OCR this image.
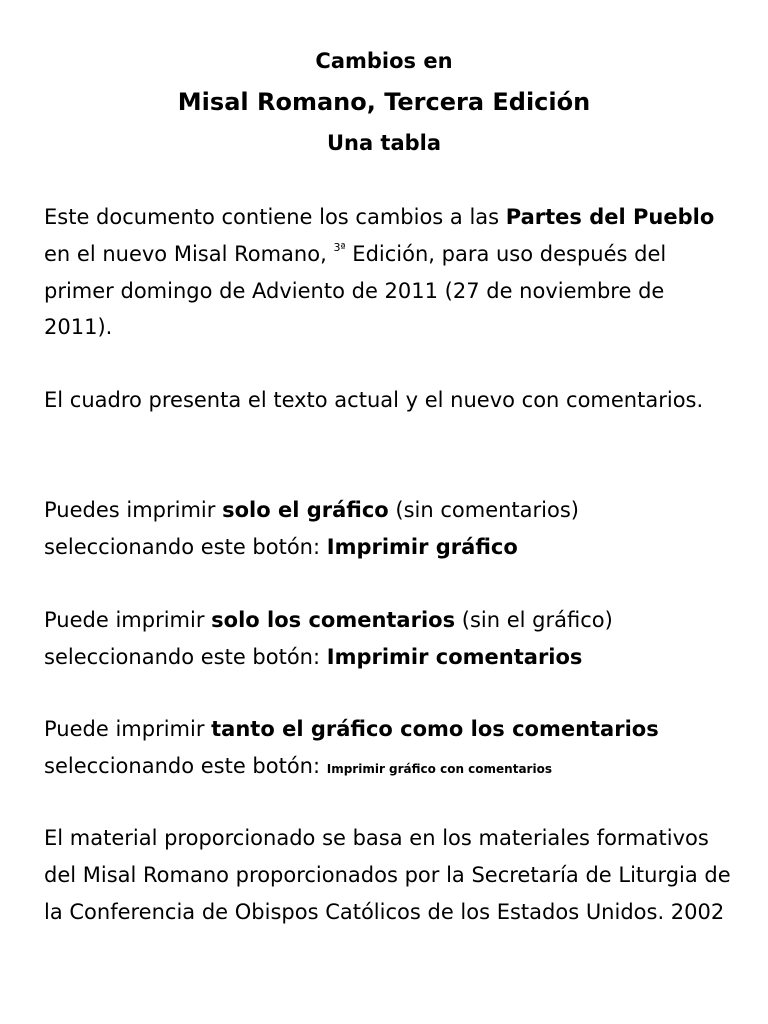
Cambios en

Misal Romano, Tercera Edición

Una tabla

Este documento contiene los cambios a las Partes del Pueblo en el nuevo Misal Romano, $^{3ª}$ Edición, para uso después del primer domingo de Adviento de 2011 (27 de noviembre de 2011).

El cuadro presenta el texto actual y el nuevo con comentarios.

Puedes imprimir solo el gráfico (sin comentarios) seleccionando este botón: Imprimir gráfico

Puede imprimir solo los comentarios (sin el gráfico) seleccionando este botón: Imprimir comentarios

Puede imprimir tanto el gráfico como los comentarios seleccionando este botón: Imprimir gráfico con comentarios

El material proporcionado se basa en los materiales formativos del Misal Romano proporcionados por la Secretaría de Liturgia de la Conferencia de Obispos Católicos de los Estados Unidos. 2002
